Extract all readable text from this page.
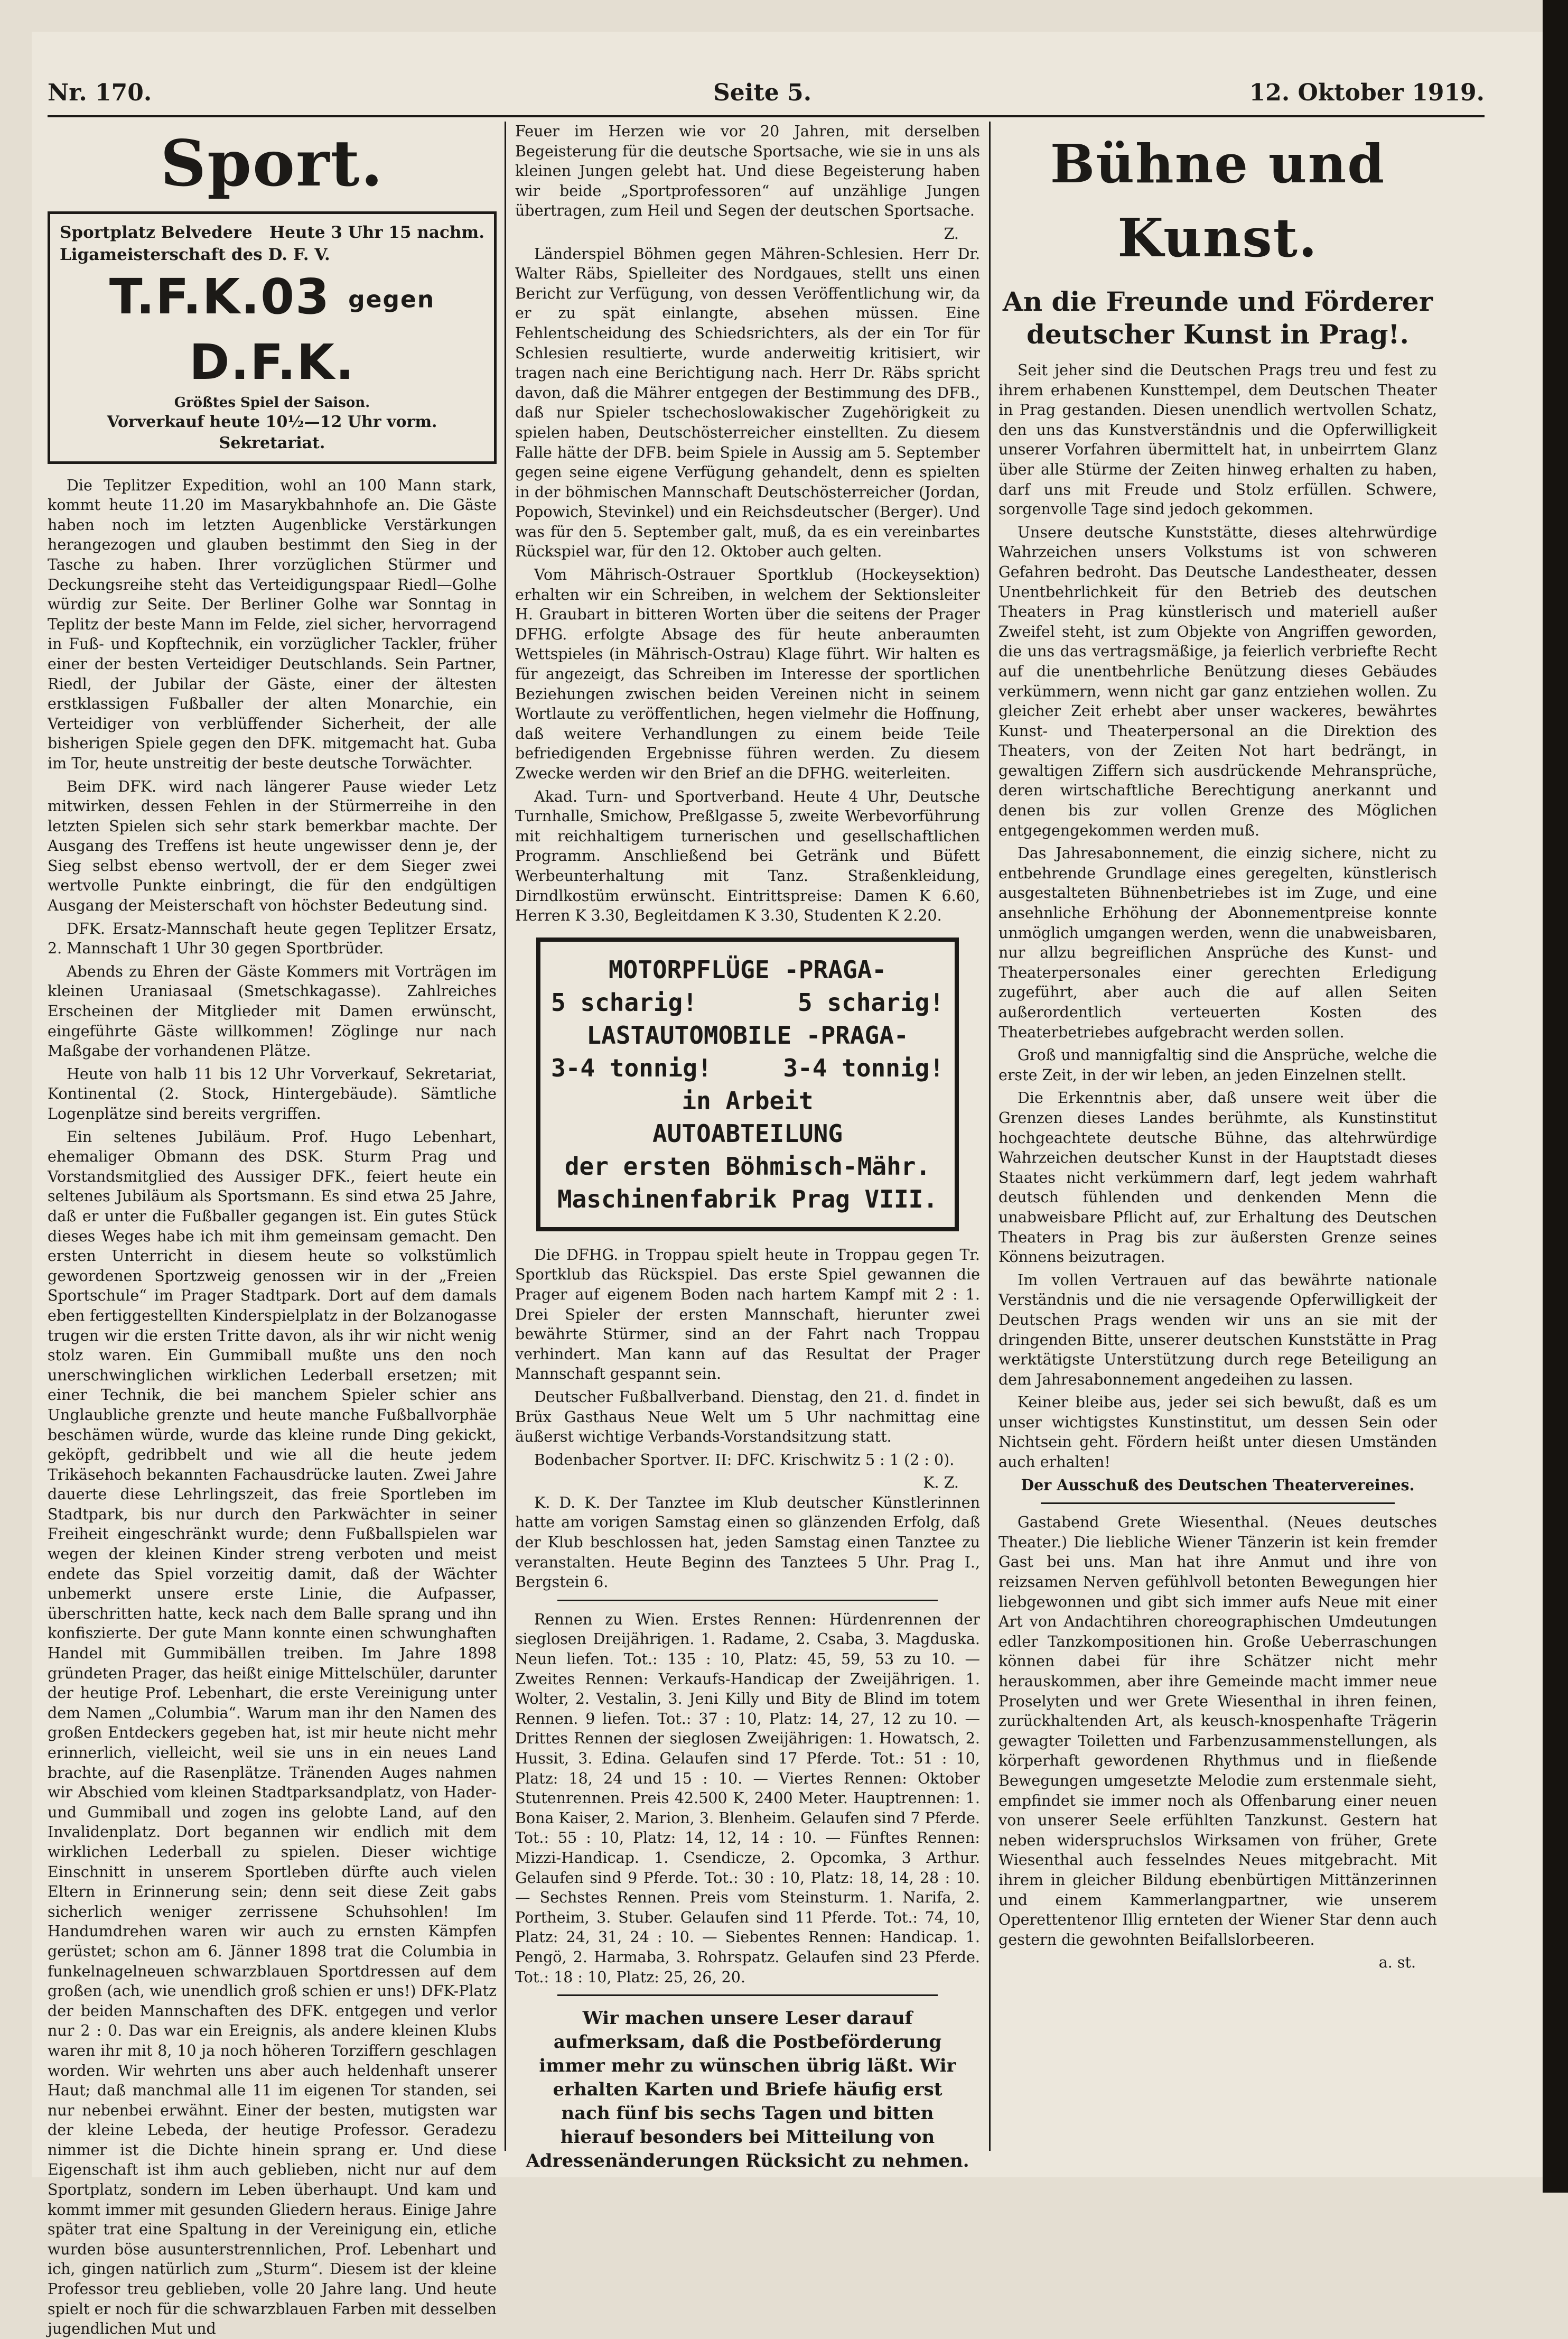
Nr. 170.	Seite 5.	12. Oktober 1919.
Sport.
Sportplatz Belvedere Heute 3 Uhr 15 nachm.
Ligameisterschaft des D. F. V.
T.F.K.03 gegen D.F.K.
Größtes Spiel der Saison.
Vorverkauf heute 10½—12 Uhr vorm. Sekretariat.

Die Teplitzer Expedition, wohl an 100 Mann stark, kommt heute 11.20 im Masarykbahnhofe an. Die Gäste haben noch im letzten Augenblicke Verstärkungen herangezogen und glauben bestimmt den Sieg in der Tasche zu haben. Ihrer vorzüglichen Stürmer und Deckungsreihe steht das Verteidigungspaar Riedl—Golhe würdig zur Seite. Der Berliner Golhe war Sonntag in Teplitz der beste Mann im Felde, ziel sicher, hervorragend in Fuß- und Kopftechnik, ein vorzüglicher Tackler, früher einer der besten Verteidiger Deutschlands. Sein Partner, Riedl, der Jubilar der Gäste, einer der ältesten erstklassigen Fußballer der alten Monarchie, ein Verteidiger von verblüffender Sicherheit, der alle bisherigen Spiele gegen den DFK. mitgemacht hat. Guba im Tor, heute unstreitig der beste deutsche Torwächter.

Beim DFK. wird nach längerer Pause wieder Letz mitwirken, dessen Fehlen in der Stürmerreihe in den letzten Spielen sich sehr stark bemerkbar machte. Der Ausgang des Treffens ist heute ungewisser denn je, der Sieg selbst ebenso wertvoll, der er dem Sieger zwei wertvolle Punkte einbringt, die für den endgültigen Ausgang der Meisterschaft von höchster Bedeutung sind.

DFK. Ersatz-Mannschaft heute gegen Teplitzer Ersatz, 2. Mannschaft 1 Uhr 30 gegen Sportbrüder.

Abends zu Ehren der Gäste Kommers mit Vorträgen im kleinen Uraniasaal (Smetschkagasse). Zahlreiches Erscheinen der Mitglieder mit Damen erwünscht, eingeführte Gäste willkommen! Zöglinge nur nach Maßgabe der vorhandenen Plätze.

Heute von halb 11 bis 12 Uhr Vorverkauf, Sekretariat, Kontinental (2. Stock, Hintergebäude). Sämtliche Logenplätze sind bereits vergriffen.

Ein seltenes Jubiläum. Prof. Hugo Lebenhart, ehemaliger Obmann des DSK. Sturm Prag und Vorstandsmitglied des Aussiger DFK., feiert heute ein seltenes Jubiläum als Sportsmann. Es sind etwa 25 Jahre, daß er unter die Fußballer gegangen ist. Ein gutes Stück dieses Weges habe ich mit ihm gemeinsam gemacht. Den ersten Unterricht in diesem heute so volkstümlich gewordenen Sportzweig genossen wir in der „Freien Sportschule“ im Prager Stadtpark. Dort auf dem damals eben fertiggestellten Kinderspielplatz in der Bolzanogasse trugen wir die ersten Tritte davon, als ihr wir nicht wenig stolz waren. Ein Gummiball mußte uns den noch unerschwinglichen wirklichen Lederball ersetzen; mit einer Technik, die bei manchem Spieler schier ans Unglaubliche grenzte und heute manche Fußballvorphäe beschämen würde, wurde das kleine runde Ding gekickt, geköpft, gedribbelt und wie all die heute jedem Trikäsehoch bekannten Fachausdrücke lauten. Zwei Jahre dauerte diese Lehrlingszeit, das freie Sportleben im Stadtpark, bis nur durch den Parkwächter in seiner Freiheit eingeschränkt wurde; denn Fußballspielen war wegen der kleinen Kinder streng verboten und meist endete das Spiel vorzeitig damit, daß der Wächter unbemerkt unsere erste Linie, die Aufpasser, überschritten hatte, keck nach dem Balle sprang und ihn konfiszierte. Der gute Mann konnte einen schwunghaften Handel mit Gummibällen treiben. Im Jahre 1898 gründeten Prager, das heißt einige Mittelschüler, darunter der heutige Prof. Lebenhart, die erste Vereinigung unter dem Namen „Columbia“. Warum man ihr den Namen des großen Entdeckers gegeben hat, ist mir heute nicht mehr erinnerlich, vielleicht, weil sie uns in ein neues Land brachte, auf die Rasenplätze. Tränenden Auges nahmen wir Abschied vom kleinen Stadtparksandplatz, von Hader- und Gummiball und zogen ins gelobte Land, auf den Invalidenplatz. Dort begannen wir endlich mit dem wirklichen Lederball zu spielen. Dieser wichtige Einschnitt in unserem Sportleben dürfte auch vielen Eltern in Erinnerung sein; denn seit diese Zeit gabs sicherlich weniger zerrissene Schuhsohlen! Im Handumdrehen waren wir auch zu ernsten Kämpfen gerüstet; schon am 6. Jänner 1898 trat die Columbia in funkelnagelneuen schwarzblauen Sportdressen auf dem großen (ach, wie unendlich groß schien er uns!) DFK-Platz der beiden Mannschaften des DFK. entgegen und verlor nur 2 : 0. Das war ein Ereignis, als andere kleinen Klubs waren ihr mit 8, 10 ja noch höheren Torziffern geschlagen worden. Wir wehrten uns aber auch heldenhaft unserer Haut; daß manchmal alle 11 im eigenen Tor standen, sei nur nebenbei erwähnt. Einer der besten, mutigsten war der kleine Lebeda, der heutige Professor. Geradezu nimmer ist die Dichte hinein sprang er. Und diese Eigenschaft ist ihm auch geblieben, nicht nur auf dem Sportplatz, sondern im Leben überhaupt. Und kam und kommt immer mit gesunden Gliedern heraus. Einige Jahre später trat eine Spaltung in der Vereinigung ein, etliche wurden böse ausunterstrennlichen, Prof. Lebenhart und ich, gingen natürlich zum „Sturm“. Diesem ist der kleine Professor treu geblieben, volle 20 Jahre lang. Und heute spielt er noch für die schwarzblauen Farben mit desselben jugendlichen Mut und

Feuer im Herzen wie vor 20 Jahren, mit derselben Begeisterung für die deutsche Sportsache, wie sie in uns als kleinen Jungen gelebt hat. Und diese Begeisterung haben wir beide „Sportprofessoren“ auf unzählige Jungen übertragen, zum Heil und Segen der deutschen Sportsache.

Z.

Länderspiel Böhmen gegen Mähren-Schlesien. Herr Dr. Walter Räbs, Spielleiter des Nordgaues, stellt uns einen Bericht zur Verfügung, von dessen Veröffentlichung wir, da er zu spät einlangte, absehen müssen. Eine Fehlentscheidung des Schiedsrichters, als der ein Tor für Schlesien resultierte, wurde anderweitig kritisiert, wir tragen nach eine Berichtigung nach. Herr Dr. Räbs spricht davon, daß die Mährer entgegen der Bestimmung des DFB., daß nur Spieler tschechoslowakischer Zugehörigkeit zu spielen haben, Deutschösterreicher einstellten. Zu diesem Falle hätte der DFB. beim Spiele in Aussig am 5. September gegen seine eigene Verfügung gehandelt, denn es spielten in der böhmischen Mannschaft Deutschösterreicher (Jordan, Popowich, Stevinkel) und ein Reichsdeutscher (Berger). Und was für den 5. September galt, muß, da es ein vereinbartes Rückspiel war, für den 12. Oktober auch gelten.

Vom Mährisch-Ostrauer Sportklub (Hockeysektion) erhalten wir ein Schreiben, in welchem der Sektionsleiter H. Graubart in bitteren Worten über die seitens der Prager DFHG. erfolgte Absage des für heute anberaumten Wettspieles (in Mährisch-Ostrau) Klage führt. Wir halten es für angezeigt, das Schreiben im Interesse der sportlichen Beziehungen zwischen beiden Vereinen nicht in seinem Wortlaute zu veröffentlichen, hegen vielmehr die Hoffnung, daß weitere Verhandlungen zu einem beide Teile befriedigenden Ergebnisse führen werden. Zu diesem Zwecke werden wir den Brief an die DFHG. weiterleiten.

Akad. Turn- und Sportverband. Heute 4 Uhr, Deutsche Turnhalle, Smichow, Preßlgasse 5, zweite Werbevorführung mit reichhaltigem turnerischen und gesellschaftlichen Programm. Anschließend bei Getränk und Büfett Werbeunterhaltung mit Tanz. Straßenkleidung, Dirndlkostüm erwünscht. Eintrittspreise: Damen K 6.60, Herren K 3.30, Begleitdamen K 3.30, Studenten K 2.20.

MOTORPFLÜGE -PRAGA-
5 scharig!	5 scharig!
LASTAUTOMOBILE -PRAGA-
3-4 tonnig!	3-4 tonnig!
in Arbeit
AUTOABTEILUNG
der ersten Böhmisch-Mähr.
Maschinenfabrik Prag VIII.

Die DFHG. in Troppau spielt heute in Troppau gegen Tr. Sportklub das Rückspiel. Das erste Spiel gewannen die Prager auf eigenem Boden nach hartem Kampf mit 2 : 1. Drei Spieler der ersten Mannschaft, hierunter zwei bewährte Stürmer, sind an der Fahrt nach Troppau verhindert. Man kann auf das Resultat der Prager Mannschaft gespannt sein.

Deutscher Fußballverband. Dienstag, den 21. d. findet in Brüx Gasthaus Neue Welt um 5 Uhr nachmittag eine äußerst wichtige Verbands-Vorstandsitzung statt.

Bodenbacher Sportver. II: DFC. Krischwitz 5 : 1 (2 : 0).

K. Z.

K. D. K. Der Tanztee im Klub deutscher Künstlerinnen hatte am vorigen Samstag einen so glänzenden Erfolg, daß der Klub beschlossen hat, jeden Samstag einen Tanztee zu veranstalten. Heute Beginn des Tanztees 5 Uhr. Prag I., Bergstein 6.

Rennen zu Wien. Erstes Rennen: Hürdenrennen der sieglosen Dreijährigen. 1. Radame, 2. Csaba, 3. Magduska. Neun liefen. Tot.: 135 : 10, Platz: 45, 59, 53 zu 10. — Zweites Rennen: Verkaufs-Handicap der Zweijährigen. 1. Wolter, 2. Vestalin, 3. Jeni Killy und Bity de Blind im totem Rennen. 9 liefen. Tot.: 37 : 10, Platz: 14, 27, 12 zu 10. — Drittes Rennen der sieglosen Zweijährigen: 1. Howatsch, 2. Hussit, 3. Edina. Gelaufen sind 17 Pferde. Tot.: 51 : 10, Platz: 18, 24 und 15 : 10. — Viertes Rennen: Oktober Stutenrennen. Preis 42.500 K, 2400 Meter. Hauptrennen: 1. Bona Kaiser, 2. Marion, 3. Blenheim. Gelaufen sind 7 Pferde. Tot.: 55 : 10, Platz: 14, 12, 14 : 10. — Fünftes Rennen: Mizzi-Handicap. 1. Csendicze, 2. Opcomka, 3 Arthur. Gelaufen sind 9 Pferde. Tot.: 30 : 10, Platz: 18, 14, 28 : 10. — Sechstes Rennen. Preis vom Steinsturm. 1. Narifa, 2. Portheim, 3. Stuber. Gelaufen sind 11 Pferde. Tot.: 74, 10, Platz: 24, 31, 24 : 10. — Siebentes Rennen: Handicap. 1. Pengö, 2. Harmaba, 3. Rohrspatz. Gelaufen sind 23 Pferde. Tot.: 18 : 10, Platz: 25, 26, 20.

Wir machen unsere Leser darauf aufmerksam, daß die Postbeförderung immer mehr zu wünschen übrig läßt. Wir erhalten Karten und Briefe häufig erst nach fünf bis sechs Tagen und bitten hierauf besonders bei Mitteilung von Adressenänderungen Rücksicht zu nehmen.
Bühne und Kunst.
An die Freunde und Förderer deutscher Kunst in Prag!.

Seit jeher sind die Deutschen Prags treu und fest zu ihrem erhabenen Kunsttempel, dem Deutschen Theater in Prag gestanden. Diesen unendlich wertvollen Schatz, den uns das Kunstverständnis und die Opferwilligkeit unserer Vorfahren übermittelt hat, in unbeirrtem Glanz über alle Stürme der Zeiten hinweg erhalten zu haben, darf uns mit Freude und Stolz erfüllen. Schwere, sorgenvolle Tage sind jedoch gekommen.

Unsere deutsche Kunststätte, dieses altehrwürdige Wahrzeichen unsers Volkstums ist von schweren Gefahren bedroht. Das Deutsche Landestheater, dessen Unentbehrlichkeit für den Betrieb des deutschen Theaters in Prag künstlerisch und materiell außer Zweifel steht, ist zum Objekte von Angriffen geworden, die uns das vertragsmäßige, ja feierlich verbriefte Recht auf die unentbehrliche Benützung dieses Gebäudes verkümmern, wenn nicht gar ganz entziehen wollen. Zu gleicher Zeit erhebt aber unser wackeres, bewährtes Kunst- und Theaterpersonal an die Direktion des Theaters, von der Zeiten Not hart bedrängt, in gewaltigen Ziffern sich ausdrückende Mehransprüche, deren wirtschaftliche Berechtigung anerkannt und denen bis zur vollen Grenze des Möglichen entgegengekommen werden muß.

Das Jahresabonnement, die einzig sichere, nicht zu entbehrende Grundlage eines geregelten, künstlerisch ausgestalteten Bühnenbetriebes ist im Zuge, und eine ansehnliche Erhöhung der Abonnementpreise konnte unmöglich umgangen werden, wenn die unabweisbaren, nur allzu begreiflichen Ansprüche des Kunst- und Theaterpersonales einer gerechten Erledigung zugeführt, aber auch die auf allen Seiten außerordentlich verteuerten Kosten des Theaterbetriebes aufgebracht werden sollen.

Groß und mannigfaltig sind die Ansprüche, welche die erste Zeit, in der wir leben, an jeden Einzelnen stellt.

Die Erkenntnis aber, daß unsere weit über die Grenzen dieses Landes berühmte, als Kunstinstitut hochgeachtete deutsche Bühne, das altehrwürdige Wahrzeichen deutscher Kunst in der Hauptstadt dieses Staates nicht verkümmern darf, legt jedem wahrhaft deutsch fühlenden und denkenden Menn die unabweisbare Pflicht auf, zur Erhaltung des Deutschen Theaters in Prag bis zur äußersten Grenze seines Könnens beizutragen.

Im vollen Vertrauen auf das bewährte nationale Verständnis und die nie versagende Opferwilligkeit der Deutschen Prags wenden wir uns an sie mit der dringenden Bitte, unserer deutschen Kunststätte in Prag werktätigste Unterstützung durch rege Beteiligung an dem Jahresabonnement angedeihen zu lassen.

Keiner bleibe aus, jeder sei sich bewußt, daß es um unser wichtigstes Kunstinstitut, um dessen Sein oder Nichtsein geht. Fördern heißt unter diesen Umständen auch erhalten!

Der Ausschuß des Deutschen Theatervereines.

Gastabend Grete Wiesenthal. (Neues deutsches Theater.) Die liebliche Wiener Tänzerin ist kein fremder Gast bei uns. Man hat ihre Anmut und ihre von reizsamen Nerven gefühlvoll betonten Bewegungen hier liebgewonnen und gibt sich immer aufs Neue mit einer Art von Andachtihren choreographischen Umdeutungen edler Tanzkompositionen hin. Große Ueberraschungen können dabei für ihre Schätzer nicht mehr herauskommen, aber ihre Gemeinde macht immer neue Proselyten und wer Grete Wiesenthal in ihren feinen, zurückhaltenden Art, als keusch-knospenhafte Trägerin gewagter Toiletten und Farbenzusammenstellungen, als körperhaft gewordenen Rhythmus und in fließende Bewegungen umgesetzte Melodie zum erstenmale sieht, empfindet sie immer noch als Offenbarung einer neuen von unserer Seele erfühlten Tanzkunst. Gestern hat neben widerspruchslos Wirksamen von früher, Grete Wiesenthal auch fesselndes Neues mitgebracht. Mit ihrem in gleicher Bildung ebenbürtigen Mittänzerinnen und einem Kammerlangpartner, wie unserem Operettentenor Illig ernteten der Wiener Star denn auch gestern die gewohnten Beifallslorbeeren.

a. st.
